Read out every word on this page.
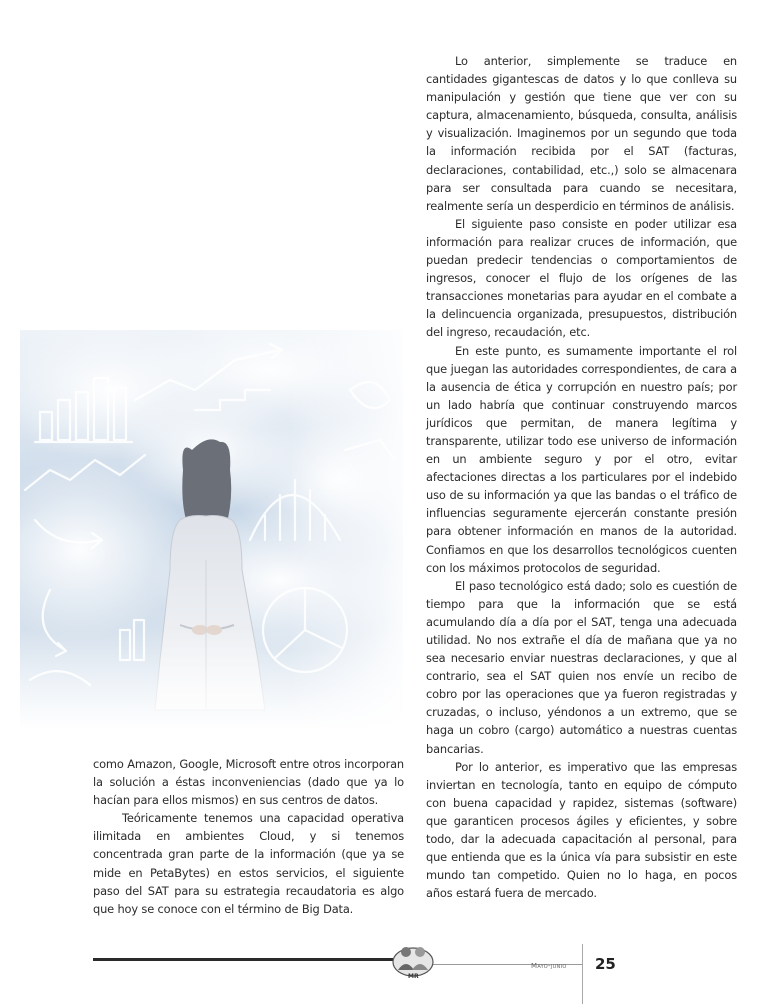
Lo anterior, simplemente se traduce en cantidades gigantescas de datos y lo que conlleva su manipulación y gestión que tiene que ver con su captura, almacenamiento, búsqueda, consulta, análisis y visualización. Imaginemos por un segundo que toda la información recibida por el SAT (facturas, declaraciones, contabilidad, etc.,) solo se almacenara para ser consultada para cuando se necesitara, realmente sería un desperdicio en términos de análisis.

El siguiente paso consiste en poder utilizar esa información para realizar cruces de información, que puedan predecir tendencias o comportamientos de ingresos, conocer el flujo de los orígenes de las transacciones monetarias para ayudar en el combate a la delincuencia organizada, presupuestos, distribución del ingreso, recaudación, etc.

En este punto, es sumamente importante el rol que juegan las autoridades correspondientes, de cara a la ausencia de ética y corrupción en nuestro país; por un lado habría que continuar construyendo marcos jurídicos que permitan, de manera legítima y transparente, utilizar todo ese universo de información en un ambiente seguro y por el otro, evitar afectaciones directas a los particulares por el indebido uso de su información ya que las bandas o el tráfico de influencias seguramente ejercerán constante presión para obtener información en manos de la autoridad. Confiamos en que los desarrollos tecnológicos cuenten con los máximos protocolos de seguridad.

El paso tecnológico está dado; solo es cuestión de tiempo para que la información que se está acumulando día a día por el SAT, tenga una adecuada utilidad. No nos extrañe el día de mañana que ya no sea necesario enviar nuestras declaraciones, y que al contrario, sea el SAT quien nos envíe un recibo de cobro por las operaciones que ya fueron registradas y cruzadas, o incluso, yéndonos a un extremo, que se haga un cobro (cargo) automático a nuestras cuentas bancarias.

Por lo anterior, es imperativo que las empresas inviertan en tecnología, tanto en equipo de cómputo con buena capacidad y rapidez, sistemas (software) que garanticen procesos ágiles y eficientes, y sobre todo, dar la adecuada capacitación al personal, para que entienda que es la única vía para subsistir en este mundo tan competido. Quien no lo haga, en pocos años estará fuera de mercado.

como Amazon, Google, Microsoft entre otros incorporan la solución a éstas inconveniencias (dado que ya lo hacían para ellos mismos) en sus centros de datos.

Teóricamente tenemos una capacidad operativa ilimitada en ambientes Cloud, y si tenemos concentrada gran parte de la información (que ya se mide en PetaBytes) en estos servicios, el siguiente paso del SAT para su estrategia recaudatoria es algo que hoy se conoce con el término de Big Data.

MR
Mayo-junio 25
